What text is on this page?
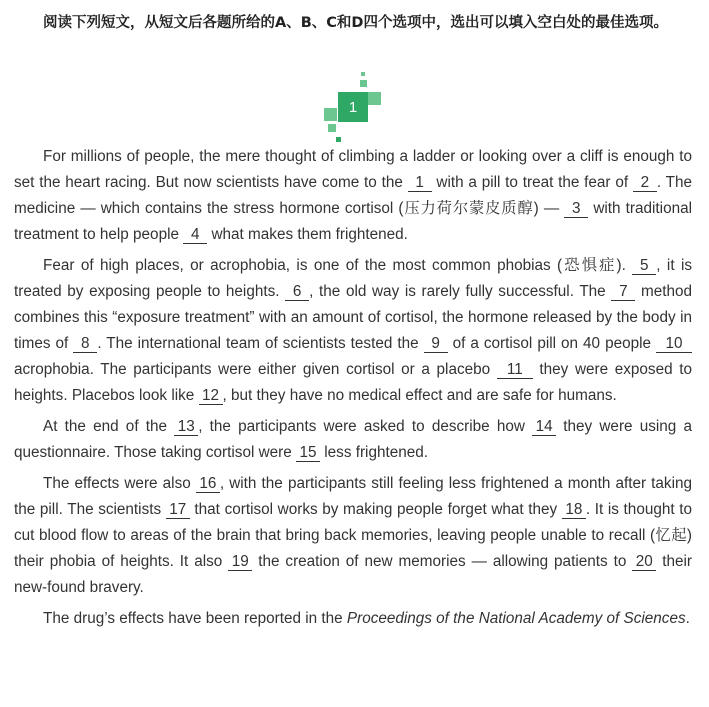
阅读下列短文，从短文后各题所给的A、B、C和D四个选项中，选出可以填入空白处的最佳选项。

1

For millions of people, the mere thought of climbing a ladder or looking over a cliff is enough to set the heart racing. But now scientists have come to the 1 with a pill to treat the fear of 2 . The medicine — which contains the stress hormone cortisol (压力荷尔蒙皮质醇) — 3 with traditional treatment to help people 4 what makes them frightened.

Fear of high places, or acrophobia, is one of the most common phobias (恐惧症). 5 , it is treated by exposing people to heights. 6 , the old way is rarely fully successful. The 7 method combines this “exposure treatment” with an amount of cortisol, the hormone released by the body in times of 8 . The international team of scientists tested the 9 of a cortisol pill on 40 people 10 acrophobia. The participants were either given cortisol or a placebo 11 they were exposed to heights. Placebos look like 12 , but they have no medical effect and are safe for humans.

At the end of the 13 , the participants were asked to describe how 14 they were using a questionnaire. Those taking cortisol were 15 less frightened.

The effects were also 16 , with the participants still feeling less frightened a month after taking the pill. The scientists 17 that cortisol works by making people forget what they 18 . It is thought to cut blood flow to areas of the brain that bring back memories, leaving people unable to recall (忆起) their phobia of heights. It also 19 the creation of new memories — allowing patients to 20 their new-found bravery.

The drug’s effects have been reported in the Proceedings of the National Academy of Sciences.
